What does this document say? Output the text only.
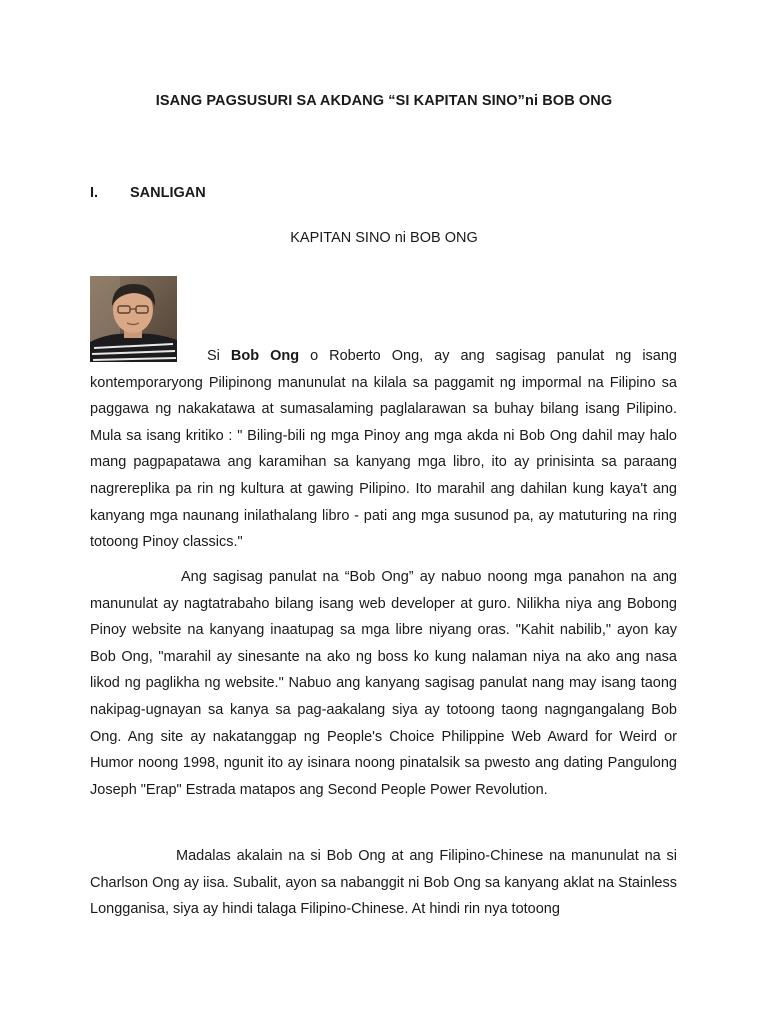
ISANG PAGSUSURI SA AKDANG “SI KAPITAN SINO”ni BOB ONG
I. SANLIGAN
KAPITAN SINO ni BOB ONG

Si Bob Ong o Roberto Ong, ay ang sagisag panulat ng isang kontemporaryong Pilipinong manunulat na kilala sa paggamit ng impormal na Filipino sa paggawa ng nakakatawa at sumasalaming paglalarawan sa buhay bilang isang Pilipino. Mula sa isang kritiko : " Biling-bili ng mga Pinoy ang mga akda ni Bob Ong dahil may halo mang pagpapatawa ang karamihan sa kanyang mga libro, ito ay prinisinta sa paraang nagrereplika pa rin ng kultura at gawing Pilipino. Ito marahil ang dahilan kung kaya't ang kanyang mga naunang inilathalang libro - pati ang mga susunod pa, ay matuturing na ring totoong Pinoy classics."

Ang sagisag panulat na “Bob Ong” ay nabuo noong mga panahon na ang manunulat ay nagtatrabaho bilang isang web developer at guro. Nilikha niya ang Bobong Pinoy website na kanyang inaatupag sa mga libre niyang oras. "Kahit nabilib," ayon kay Bob Ong, "marahil ay sinesante na ako ng boss ko kung nalaman niya na ako ang nasa likod ng paglikha ng website." Nabuo ang kanyang sagisag panulat nang may isang taong nakipag-ugnayan sa kanya sa pag-aakalang siya ay totoong taong nagngangalang Bob Ong. Ang site ay nakatanggap ng People's Choice Philippine Web Award for Weird or Humor noong 1998, ngunit ito ay isinara noong pinatalsik sa pwesto ang dating Pangulong Joseph "Erap" Estrada matapos ang Second People Power Revolution.

Madalas akalain na si Bob Ong at ang Filipino-Chinese na manunulat na si Charlson Ong ay iisa. Subalit, ayon sa nabanggit ni Bob Ong sa kanyang aklat na Stainless Longganisa, siya ay hindi talaga Filipino-Chinese. At hindi rin nya totoong
